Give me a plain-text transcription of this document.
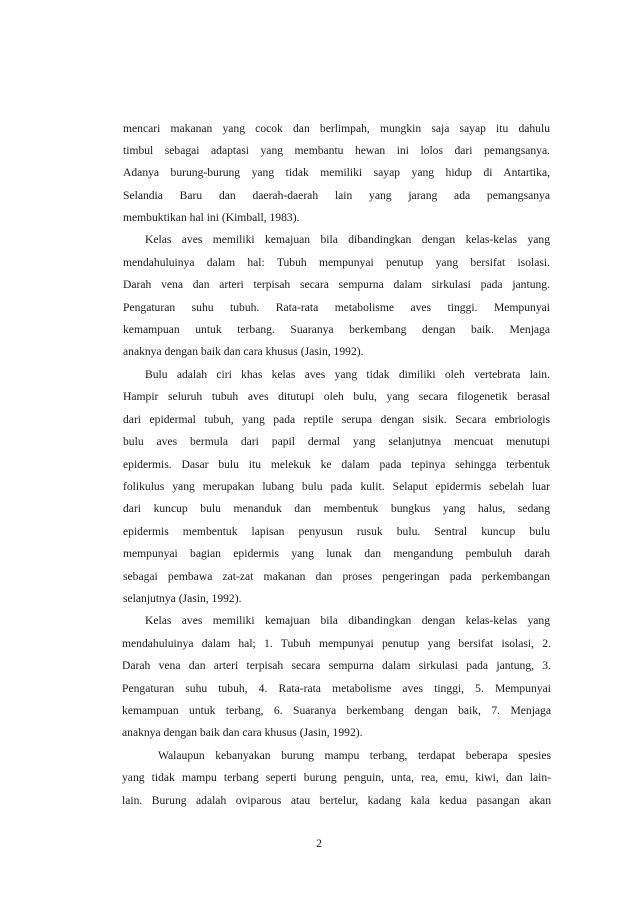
mencari makanan yang cocok dan berlimpah, mungkin saja sayap itu dahulu
timbul sebagai adaptasi yang membantu hewan ini lolos dari pemangsanya.
Adanya burung-burung yang tidak memiliki sayap yang hidup di Antartika,
Selandia Baru dan daerah-daerah lain yang jarang ada pemangsanya
membuktikan hal ini (Kimball, 1983).
Kelas aves memiliki kemajuan bila dibandingkan dengan kelas-kelas yang
mendahuluinya dalam hal: Tubuh mempunyai penutup yang bersifat isolasi.
Darah vena dan arteri terpisah secara sempurna dalam sirkulasi pada jantung.
Pengaturan suhu tubuh. Rata-rata metabolisme aves tinggi. Mempunyai
kemampuan untuk terbang. Suaranya berkembang dengan baik. Menjaga
anaknya dengan baik dan cara khusus (Jasin, 1992).
Bulu adalah ciri khas kelas aves yang tidak dimiliki oleh vertebrata lain.
Hampir seluruh tubuh aves ditutupi oleh bulu, yang secara filogenetik berasal
dari epidermal tubuh, yang pada reptile serupa dengan sisik. Secara embriologis
bulu aves bermula dari papil dermal yang selanjutnya mencuat menutupi
epidermis. Dasar bulu itu melekuk ke dalam pada tepinya sehingga terbentuk
folikulus yang merupakan lubang bulu pada kulit. Selaput epidermis sebelah luar
dari kuncup bulu menanduk dan membentuk bungkus yang halus, sedang
epidermis membentuk lapisan penyusun rusuk bulu. Sentral kuncup bulu
mempunyai bagian epidermis yang lunak dan mengandung pembuluh darah
sebagai pembawa zat-zat makanan dan proses pengeringan pada perkembangan
selanjutnya (Jasin, 1992).
Kelas aves memiliki kemajuan bila dibandingkan dengan kelas-kelas yang
mendahuluinya dalam hal; 1. Tubuh mempunyai penutup yang bersifat isolasi, 2.
Darah vena dan arteri terpisah secara sempurna dalam sirkulasi pada jantung, 3.
Pengaturan suhu tubuh, 4. Rata-rata metabolisme aves tinggi, 5. Mempunyai
kemampuan untuk terbang, 6. Suaranya berkembang dengan baik, 7. Menjaga
anaknya dengan baik dan cara khusus (Jasin, 1992).
Walaupun kebanyakan burung mampu terbang, terdapat beberapa spesies
yang tidak mampu terbang seperti burung penguin, unta, rea, emu, kiwi, dan lain-
lain. Burung adalah oviparous atau bertelur, kadang kala kedua pasangan akan
2
